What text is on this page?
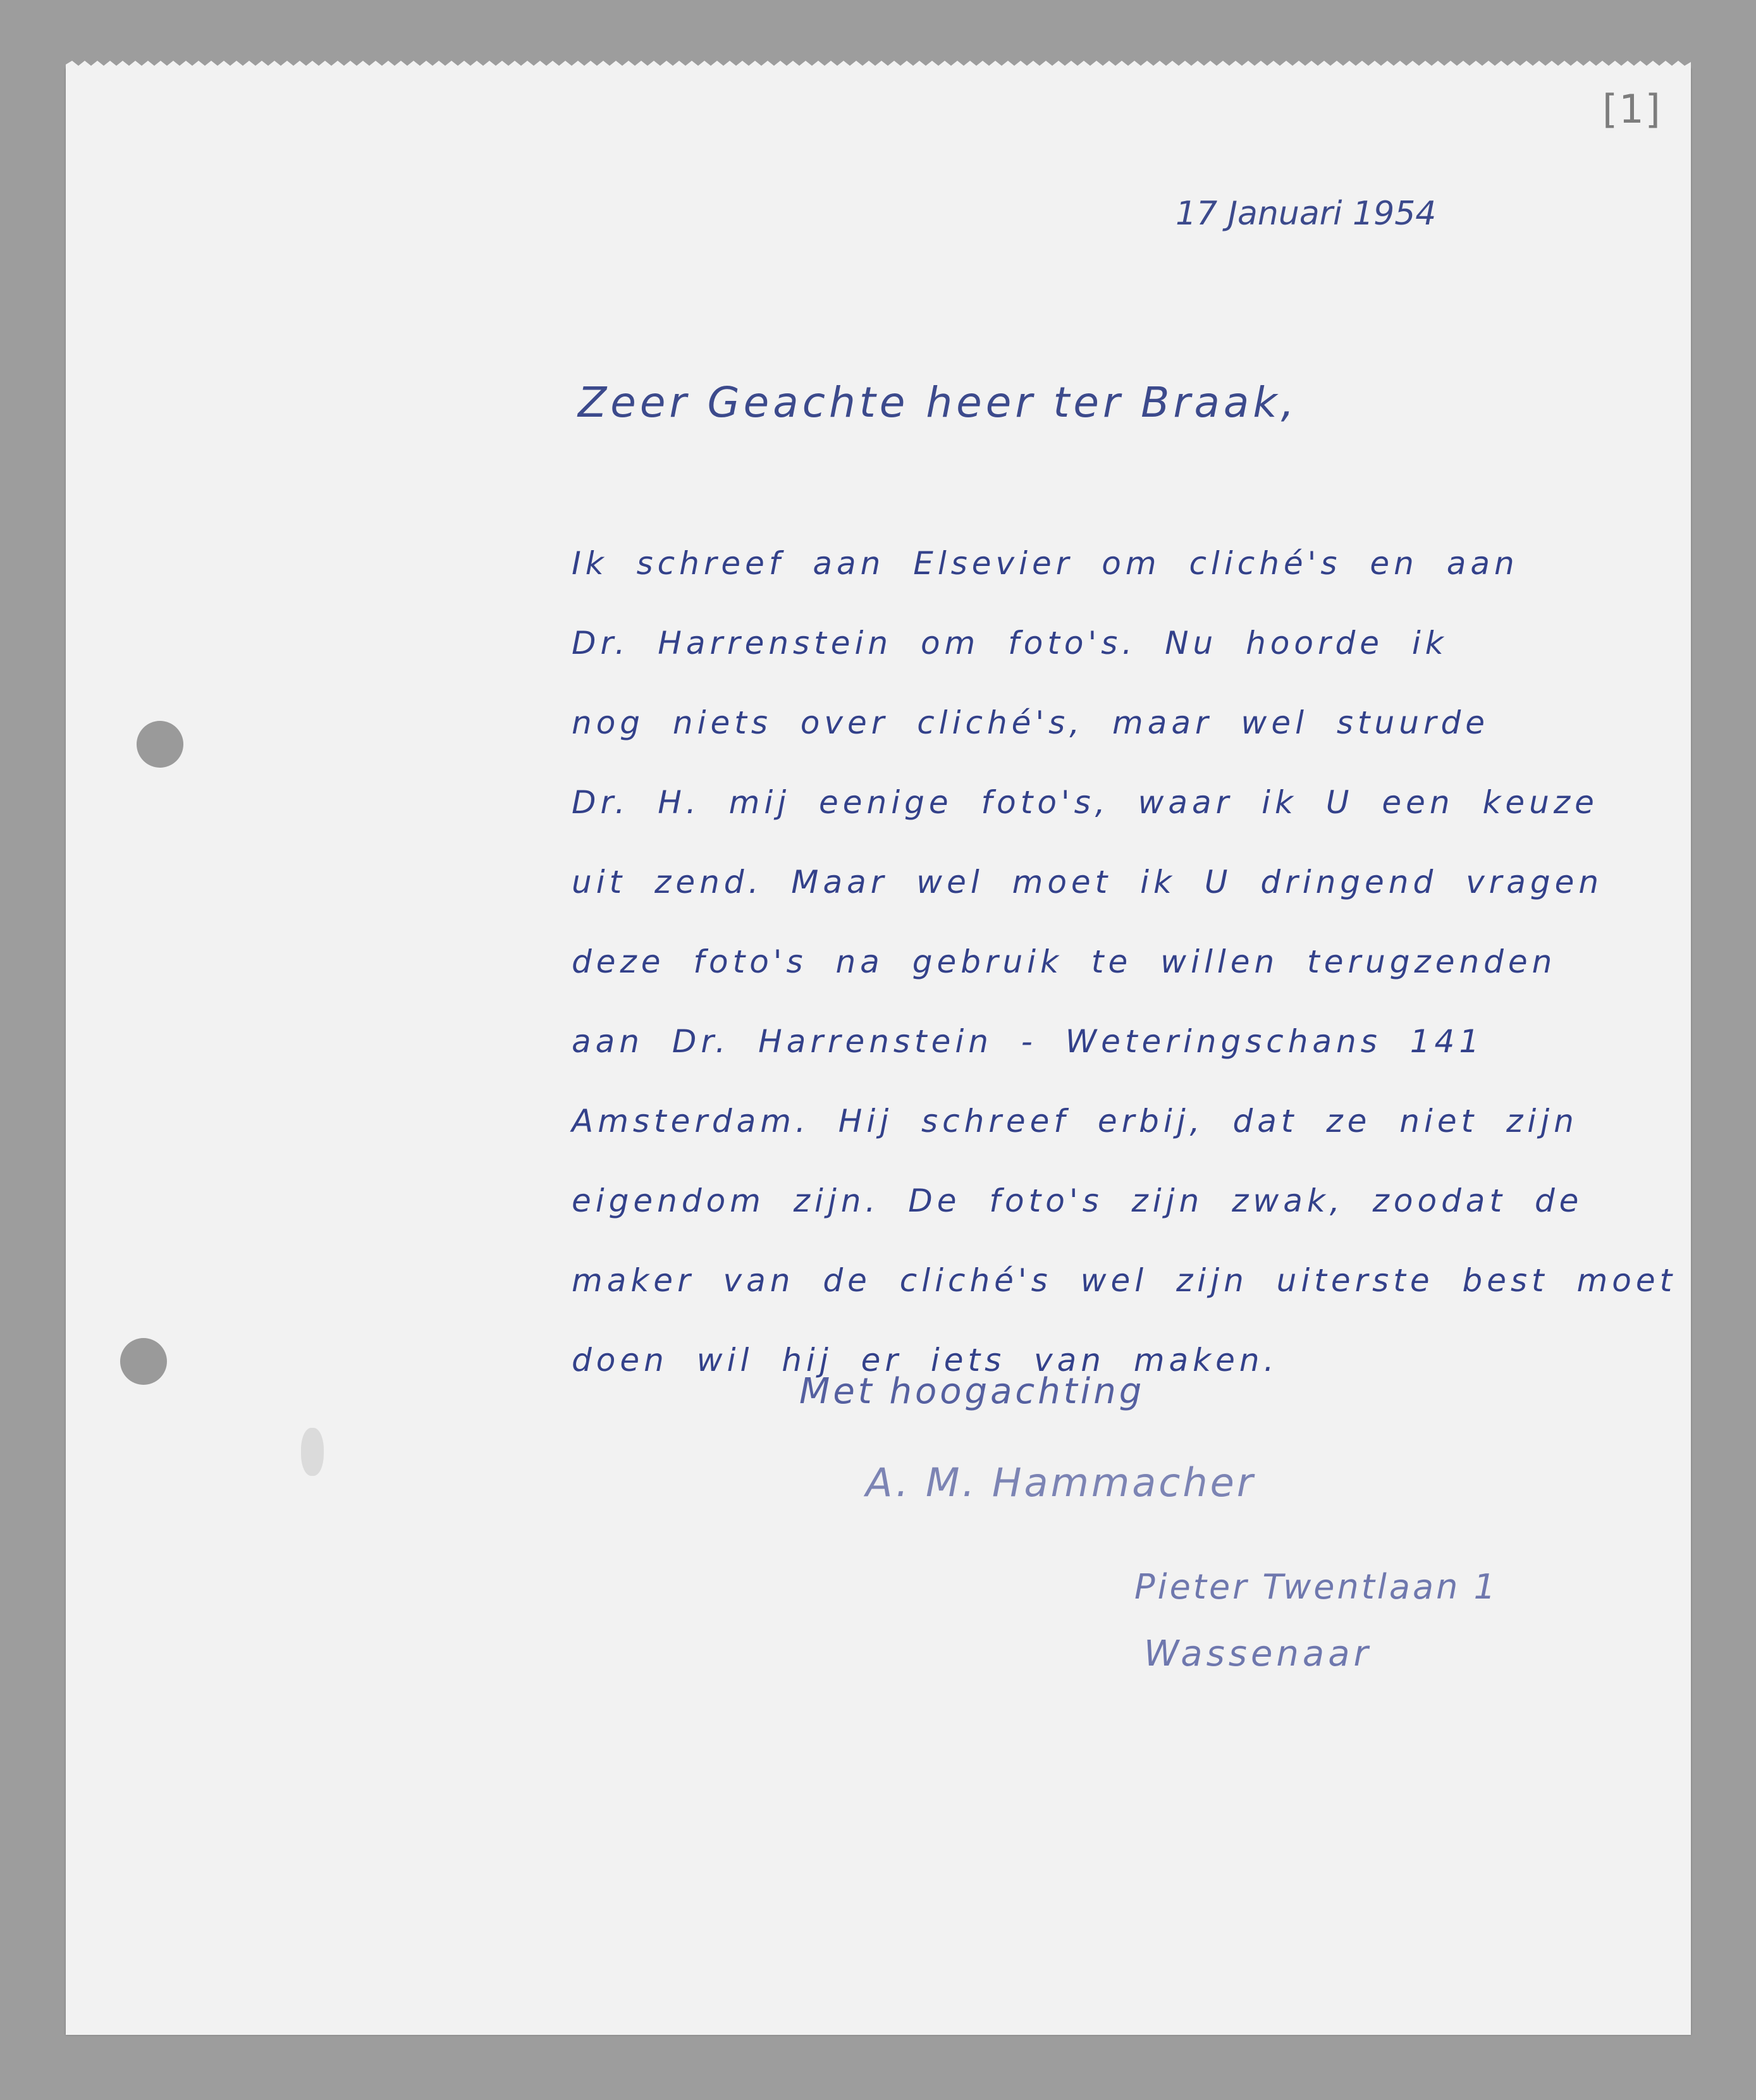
[1]
17 Januari 1954
Zeer Geachte heer ter Braak,
Ik schreef aan Elsevier om cliché's en aan
Dr. Harrenstein om foto's. Nu hoorde ik
nog niets over cliché's, maar wel stuurde
Dr. H. mij eenige foto's, waar ik U een keuze
uit zend. Maar wel moet ik U dringend vragen
deze foto's na gebruik te willen terugzenden
aan Dr. Harrenstein - Weteringschans 141
Amsterdam. Hij schreef erbij, dat ze niet zijn
eigendom zijn. De foto's zijn zwak, zoodat de
maker van de cliché's wel zijn uiterste best moet
doen wil hij er iets van maken.
Met hoogachting
A. M. Hammacher
Pieter Twentlaan 1
Wassenaar
